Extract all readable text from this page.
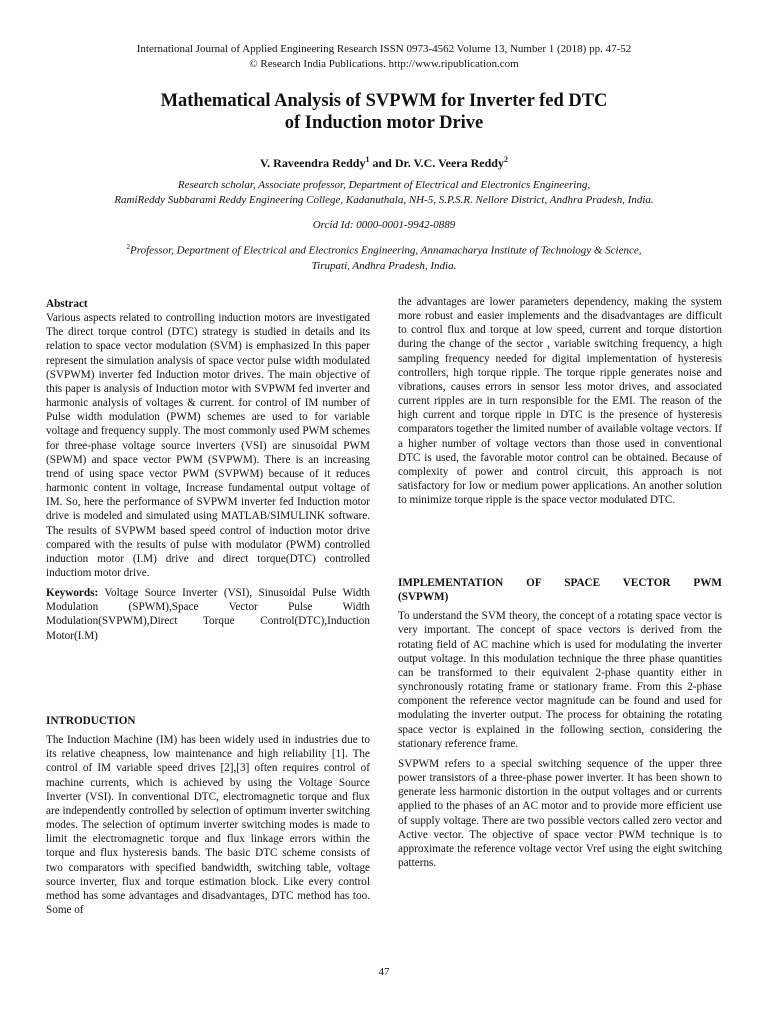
International Journal of Applied Engineering Research ISSN 0973-4562 Volume 13, Number 1 (2018) pp. 47-52
© Research India Publications. http://www.ripublication.com
Mathematical Analysis of SVPWM for Inverter fed DTC
of Induction motor Drive
V. Raveendra Reddy$^1$ and Dr. V.C. Veera Reddy$^2$
Research scholar, Associate professor, Department of Electrical and Electronics Engineering,
RamiReddy Subbarami Reddy Engineering College, Kadanuthala, NH-5, S.P.S.R. Nellore District, Andhra Pradesh, India.
Orcid Id: 0000-0001-9942-0889
$^2$Professor, Department of Electrical and Electronics Engineering, Annamacharya Institute of Technology & Science,
Tirupati, Andhra Pradesh, India.
Abstract

Various aspects related to controlling induction motors are investigated The direct torque control (DTC) strategy is studied in details and its relation to space vector modulation (SVM) is emphasized In this paper represent the simulation analysis of space vector pulse width modulated (SVPWM) inverter fed Induction motor drives. The main objective of this paper is analysis of Induction motor with SVPWM fed inverter and harmonic analysis of voltages & current. for control of IM number of Pulse width modulation (PWM) schemes are used to for variable voltage and frequency supply. The most commonly used PWM schemes for three-phase voltage source inverters (VSI) are sinusoidal PWM (SPWM) and space vector PWM (SVPWM). There is an increasing trend of using space vector PWM (SVPWM) because of it reduces harmonic content in voltage, Increase fundamental output voltage of IM. So, here the performance of SVPWM inverter fed Induction motor drive is modeled and simulated using MATLAB/SIMULINK software. The results of SVPWM based speed control of induction motor drive compared with the results of pulse with modulator (PWM) controlled induction motor (I.M) drive and direct torque(DTC) controlled inductiom motor drive.

Keywords: Voltage Source Inverter (VSI), Sinusoidal Pulse Width Modulation (SPWM),Space Vector Pulse Width Modulation(SVPWM),Direct Torque Control(DTC),Induction Motor(I.M)

INTRODUCTION

The Induction Machine (IM) has been widely used in industries due to its relative cheapness, low maintenance and high reliability [1]. The control of IM variable speed drives [2],[3] often requires control of machine currents, which is achieved by using the Voltage Source Inverter (VSI). In conventional DTC, electromagnetic torque and flux are independently controlled by selection of optimum inverter switching modes. The selection of optimum inverter switching modes is made to limit the electromagnetic torque and flux linkage errors within the torque and flux hysteresis bands. The basic DTC scheme consists of two comparators with specified bandwidth, switching table, voltage source inverter, flux and torque estimation block. Like every control method has some advantages and disadvantages, DTC method has too. Some of

the advantages are lower parameters dependency, making the system more robust and easier implements and the disadvantages are difficult to control flux and torque at low speed, current and torque distortion during the change of the sector , variable switching frequency, a high sampling frequency needed for digital implementation of hysteresis controllers, high torque ripple. The torque ripple generates noise and vibrations, causes errors in sensor less motor drives, and associated current ripples are in turn responsible for the EMI. The reason of the high current and torque ripple in DTC is the presence of hysteresis comparators together the limited number of available voltage vectors. If a higher number of voltage vectors than those used in conventional DTC is used, the favorable motor control can be obtained. Because of complexity of power and control circuit, this approach is not satisfactory for low or medium power applications. An another solution to minimize torque ripple is the space vector modulated DTC.

IMPLEMENTATION OF SPACE VECTOR PWM (SVPWM)

To understand the SVM theory, the concept of a rotating space vector is very important. The concept of space vectors is derived from the rotating field of AC machine which is used for modulating the inverter output voltage. In this modulation technique the three phase quantities can be transformed to their equivalent 2-phase quantity either in synchronously rotating frame or stationary frame. From this 2-phase component the reference vector magnitude can be found and used for modulating the inverter output. The process for obtaining the rotating space vector is explained in the following section, considering the stationary reference frame.

SVPWM refers to a special switching sequence of the upper three power transistors of a three-phase power inverter. It has been shown to generate less harmonic distortion in the output voltages and or currents applied to the phases of an AC motor and to provide more efficient use of supply voltage. There are two possible vectors called zero vector and Active vector. The objective of space vector PWM technique is to approximate the reference voltage vector Vref using the eight switching patterns.

47
